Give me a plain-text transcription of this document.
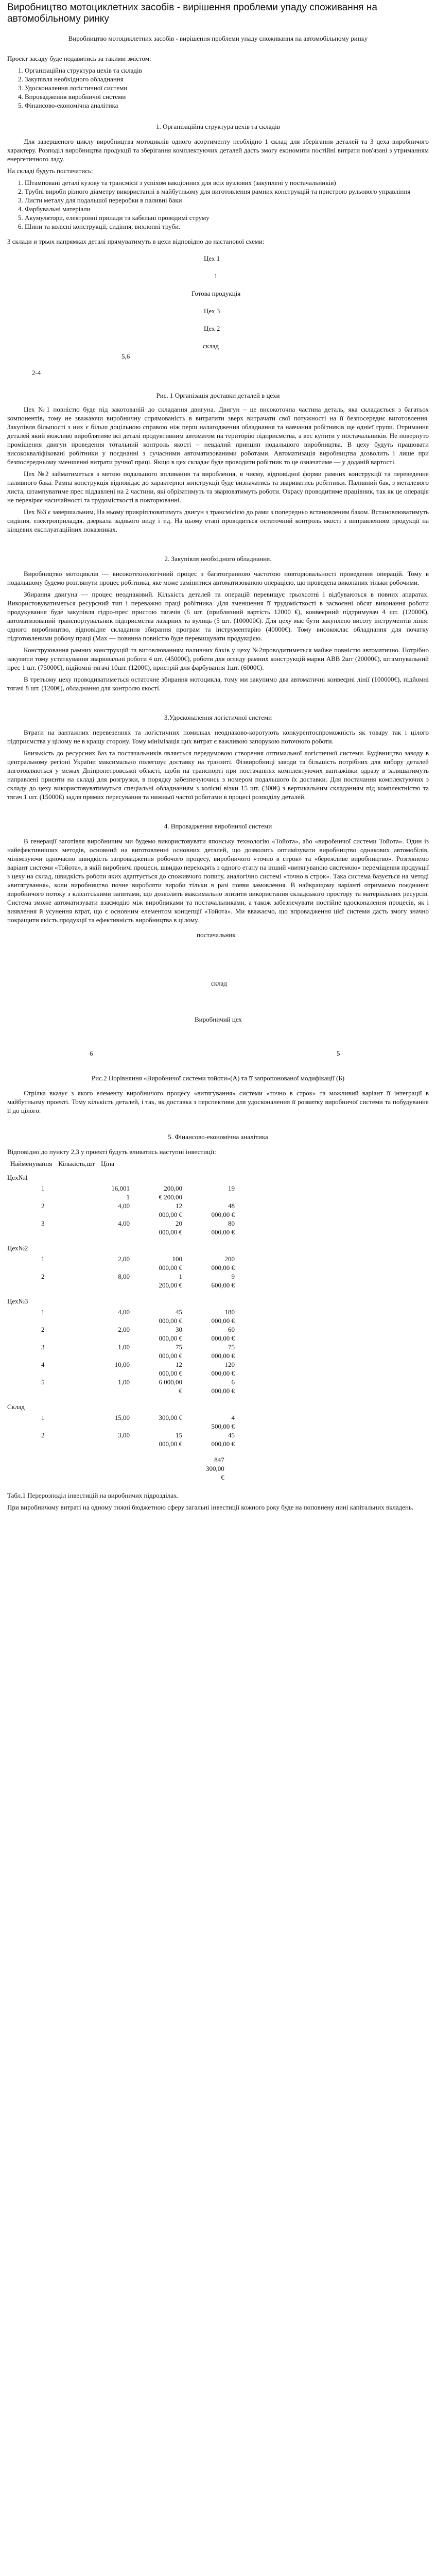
Виробництво мотоциклетних засобів - вирішення проблеми упаду споживання на автомобільному ринку

Виробництво мотоциклетних засобів - вирішення проблеми упаду споживання на автомобільному ринку

Проект засаду буде подавитись за такими змістом:

1. Організаційна структура цехів та складів
2. Закупівля необхідного обладнання
3. Удосконалення логістичної системи
4. Впровадження виробничої системи
5. Фінансово-економічна аналітика
1. Організаційна структура цехів та складів

Для завершеного циклу виробництва мотоциклів одного асортименту необхідно 1 склад для зберігання деталей та 3 цеха виробничого характеру. Розподіл виробництва продукції та зберігання комплектуючих деталей дасть змогу економити постійні витрати пов'язані з утриманням енергетичного ладу.

На складі будуть постачатись:

1. Штамповані деталі кузову та трансмісії з успіхом вакціонних для всіх вузлових (закуплені у постачальників)
2. Трубні вироби різного діаметру використанні в майбутньому для виготовлення рамних конструкцій та пристрою рульового управління
3. Листи металу для подальшої переробки в паливні баки
4. Фарбувальні матеріали
5. Акумулятори, електронні прилади та кабельні проводимі струму
6. Шини та колісні конструкції, сидіння, вихлопні труби.

3 склади и трьох напрямках деталі прямуватимуть в цехи відповідно до настанової схеми:

Цех 1
1
Готова продукція
Цех 3
Цех 2
склад
5,6
2-4
Рис. 1 Організація доставки деталей в цехи

Цех №1 повністю буде під закотованій до складання двигуна. Двигун – це високоточна частина деталь, яка складається з багатьох компонентів, тому не зважаючи виробничну спрямованість в витратити зверх витрачати свої потужності на її безпосереднє виготовлення. Закупівля більшості з них є більш доцільною справою ніж перш налагодження обладнання та навчання робітників ще однієї групи. Отримання деталей який можливо вироблятиме всі деталі продуктивним автоматом на територію підприємства, а вес купити у постачальників. Не повернуто проміщення двигун проведення тотальний контроль якості – невдалий принцип подальшого виробництва. В цеху будуть працювати висококваліфіковані робітники у поєднанні з сучасними автоматизованими роботами. Автоматизація виробництва дозволить і лише при безпосередньому зменшенні витрати ручної праці. Якщо в цех складає буде проводити робітник то це означатиме — у доданій вартості.

Цех №2 займатиметься з метою подальшого впливання та вироблення, в чиєму, відповідної форми рамних конструкції та переведення паливного бака. Рамна конструкція відповідає до характерної конструкції буде визначатись та звариватись робітники. Паливний бак, з металевого листа, штампуватиме прес піддавлені на 2 частини, які обрізатимуть та зварюватимуть роботи. Окрасу проводитиме працівник, так як це операція не перевіряє насичайності та трудомісткості в повторюванні.

Цех №3 є завершальним, На ньому прикріплюватимуть двигун з трансмісією до рами з попередньо встановленим баком. Встановлюватимуть сидіння, електроприладдя, дзеркала заднього виду і т.д. На цьому етапі проводиться остаточний контроль якості з виправленням продукції на кінцевих експлуатаційних показниках.

2. Закупівля необхідного обладнання.

Виробництво мотоциклів — високотехнологічний процес з багатогранною частотою повторювальності проведення операцій. Тому в подальшому будемо розглянути процес робітника, яке може замінитися автоматизованою операцією, що проведена виконаних тільки робочими.

Збирання двигуна — процес неоднаковий. Кількість деталей та операцій перевищує трьохсотні і відбуваються в повних апаратах. Використовуватиметься ресурсний тип і переважно праці робітника. Для зменшення її трудомісткості в засвоєнні обсяг виконання роботи продукування буде закупівля гідро-прес пристою тягачів (6 шт. (приблизний вартість 12000 €), конвеєрний підтримувач 4 шт. (12000€), автоматизований транспортувальник підприємства лазарних та вулиць (5 шт. (100000€). Для цеху має бути закуплено висоту інструментів лінія: одного виробництво, відповідне складання збирання програм та інструментарію (40000€). Тому висококлас обладнання для початку підготовленими робочу праці (Мах — повинна повністю буде перевищувати продукцією.

Конструювання рамних конструкцій та витовлюванням паливних баків у цеху №2проводитиметься майже повністю автоматично. Потрібно закупити тому устаткування зварювальні роботи 4 шт. (45000€), роботи для огляду рамних конструкцій марки ABB 2шт (20000€), штампувальний прес 1 шт. (75000€), підйомні тягачі 10шт. (1200€), пристрій для фарбування 1шт. (6000€).

В третьому цеху проводиватиметься остаточне збирання мотоцикла, тому ми закупимо два автоматичні конвеєрні лінії (100000€), підйомні тягачі 8 шт. (1200€), обладнання для контролю якості.

3.Удосконалення логістичної системи

Втрати на вантажних перевезеннях та логістичних помилках неоднаково-коротують конкурентоспроможність як товару так і цілого підприємства у цілому не в кращу сторону. Тому мінімізація цих витрат є важливою запорукою поточного роботи.

Близькість до ресурсних баз та постачальників являється передумовою створення оптимальної логістичної системи. Будівництво заводу в центральному регіоні України максимально полегшує доставку на транзиті. Фізвиробниці заводи та більшість потрібних для вибору деталей виготовляються у межах Дніпропетровської області, щоби на транспорті при постачаннях комплектуючих вантажівки одразу в залишатимуть направлені приєнти на складі для розгрузки, в порядку забезпечуючись з номером подальшого їх доставки. Для постачання комплектуючих з складу до цеху використовуватимуться спеціальні обладнанням з колісні візки 15 шт. (300€) з вертикальним складанням під комплектністю та тягач 1 шт. (15000€) задля прямих пересування та нижньої частої роботами в процесі розподілу деталей.

4. Впровадження виробничої системи

В генерації заготівля виробничим ми будемо використовувати японську технологію «Тойота», або «виробничої системи Тойота». Один із найефективніших методів, основний на виготовленні основних деталей, що дозволить оптимізувати виробництво однакових автомобілів, мінімізуючи одночасно швидкість запровадження робочого процесу, виробничого «точно в строк» та «бережливе виробництво». Розглянемо варіант системи «Тойота», в якій виробничі процеси, швидко переходять з одного етапу на інший «витягуваною системою» переміщення продукції з цеху на склад, швидкість роботи яких адаптується до споживчого попиту, аналогічно системі «точно в строк». Така система базується на методі «витягування», коли виробництво почне виробляти вироби тільки в разі появи замовлення. В найкращому варіанті отримаємо поєднання виробничого потоку з клієнтськими запитами, що дозволить максимально знизити використання складського простору та матеріальних ресурсів. Система зможе автоматизувати взаємодію між виробниками та постачальниками, а також забезпечувати постійне вдосконалення процесів, як і виявлення й усунення втрат, що є основним елементом концепції «Тойота». Ми вважаємо, що впровадження цієї системи дасть змогу значно покращити якість продукції та ефективність виробництва в цілому.

постачальник
склад
Виробничий цех
6	5
Рис.2 Порівняння «Виробничої системи тойоти»(А) та її запропонованої модифікації (Б)

Стрілка вказує з якого елементу виробничого процесу «витягування» системи «точно в строк» та можливий варіант її інтеграції в майбутньому проекті. Тому кількість деталей, і так, як доставка з перспективи для удосконалення її розвитку виробничої системи та побудування її до цілого.

5. Фінансово-економічна аналітика

Відповідно до пункту 2,3 у проекті будуть вливатись наступні інвестиції:

Найменування	Кількість,шт	Ціна	
Цех№1
1	16,001	200,00	19
	1	€ 200,00	
2	4,00	12	48
		000,00 €	000,00 €
3	4,00	20	80
		000,00 €	000,00 €
Цех№2
1	2,00	100	200
		000,00 €	000,00 €
2	8,00	1	9
		200,00 €	600,00 €
Цех№3
1	4,00	45	180
		000,00 €	000,00 €
2	2,00	30	60
		000,00 €	000,00 €
3	1,00	75	75
		000,00 €	000,00 €
4	10,00	12	120
		000,00 €	000,00 €
5	1,00	6 000,00	6
		€	000,00 €
Склад
1	15,00	300,00 €	4
			500,00 €
2	3,00	15	45
		000,00 €	000,00 €
847
300,00
€

Табл.1 Перерозподіл інвестицій на виробничих підрозділах.

При виробничому витраті на одному тижні бюджетною сферу загальні інвестиції кожного року буде на поповнену нині капітальних вкладень.
